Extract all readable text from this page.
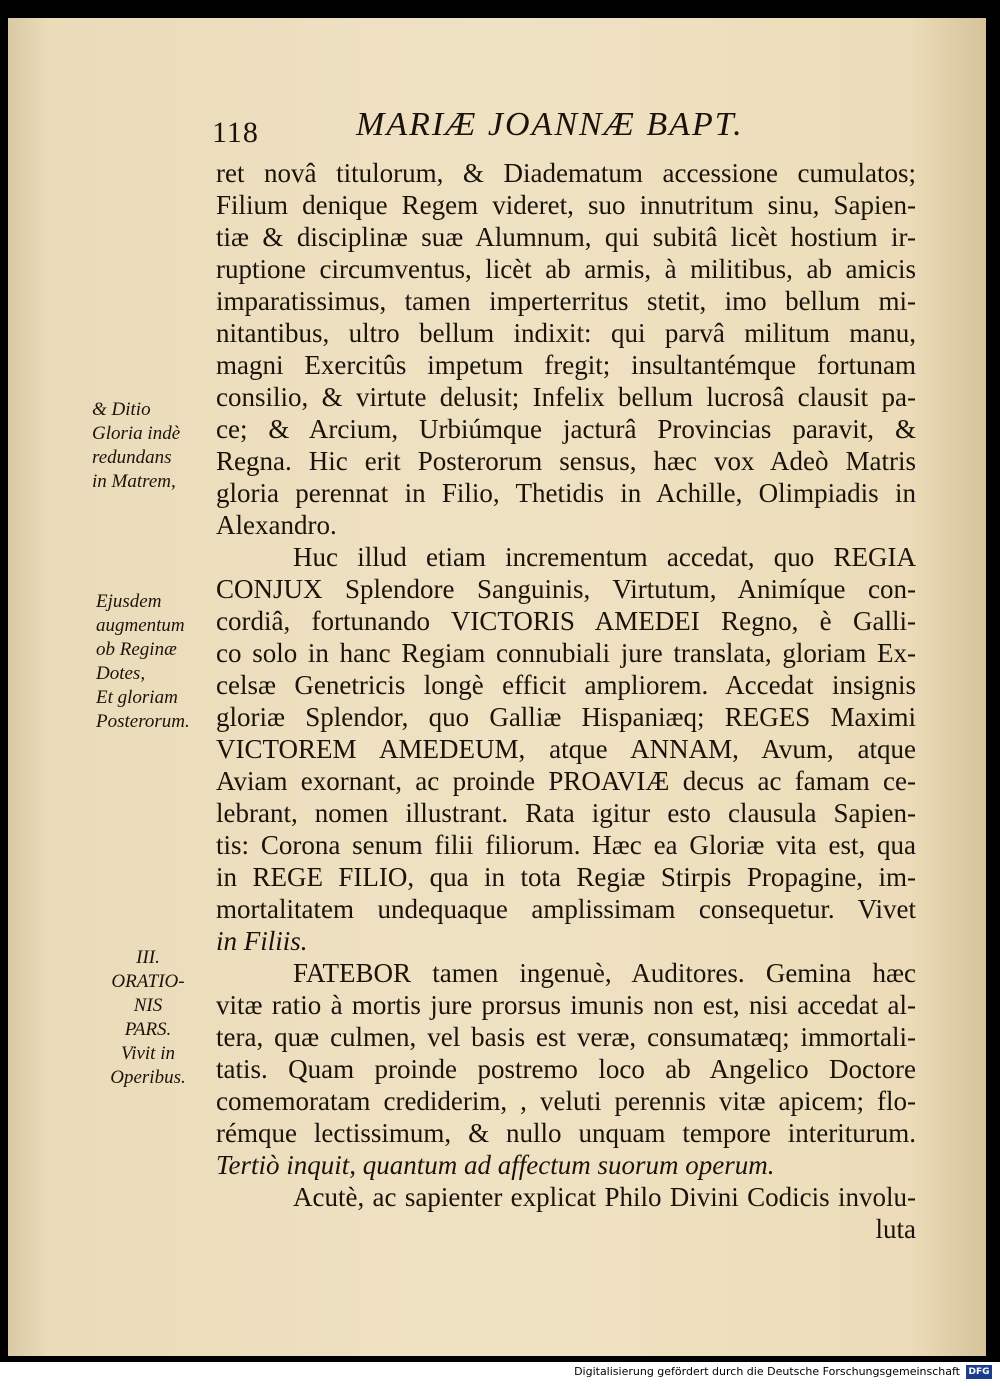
118	MARIÆ JOANNÆ BAPT.
& Ditio
Gloria indè
redundans
in Matrem,
Ejusdem
augmentum
ob Reginæ
Dotes,
Et gloriam
Posterorum.
III.
ORATIO-
NIS
PARS.
Vivit in
Operibus.
ret novâ titulorum, & Diadematum accessione cumulatos;
Filium denique Regem videret, suo innutritum sinu, Sapien-
tiæ & disciplinæ suæ Alumnum, qui subitâ licèt hostium ir-
ruptione circumventus, licèt ab armis, à militibus, ab amicis
imparatissimus, tamen imperterritus stetit, imo bellum mi-
nitantibus, ultro bellum indixit: qui parvâ militum manu,
magni Exercitûs impetum fregit; insultantémque fortunam
consilio, & virtute delusit; Infelix bellum lucrosâ clausit pa-
ce; & Arcium, Urbiúmque jacturâ Provincias paravit, &
Regna. Hic erit Posterorum sensus, hæc vox Adeò Matris
gloria perennat in Filio, Thetidis in Achille, Olimpiadis in
Alexandro.
Huc illud etiam incrementum accedat, quo REGIA
CONJUX Splendore Sanguinis, Virtutum, Animíque con-
cordiâ, fortunando VICTORIS AMEDEI Regno, è Galli-
co solo in hanc Regiam connubiali jure translata, gloriam Ex-
celsæ Genetricis longè efficit ampliorem. Accedat insignis
gloriæ Splendor, quo Galliæ Hispaniæq; REGES Maximi
VICTOREM AMEDEUM, atque ANNAM, Avum, atque
Aviam exornant, ac proinde PROAVIÆ decus ac famam ce-
lebrant, nomen illustrant. Rata igitur esto clausula Sapien-
tis: Corona senum filii filiorum. Hæc ea Gloriæ vita est, qua
in REGE FILIO, qua in tota Regiæ Stirpis Propagine, im-
mortalitatem undequaque amplissimam consequetur. Vivet
in Filiis.
FATEBOR tamen ingenuè, Auditores. Gemina hæc
vitæ ratio à mortis jure prorsus imunis non est, nisi accedat al-
tera, quæ culmen, vel basis est veræ, consumatæq; immortali-
tatis. Quam proinde postremo loco ab Angelico Doctore
comemoratam crediderim, , veluti perennis vitæ apicem; flo-
rémque lectissimum, & nullo unquam tempore interiturum.
Tertiò inquit, quantum ad affectum suorum operum.
Acutè, ac sapienter explicat Philo Divini Codicis involu-
luta
Digitalisierung gefördert durch die Deutsche Forschungsgemeinschaft DFG
